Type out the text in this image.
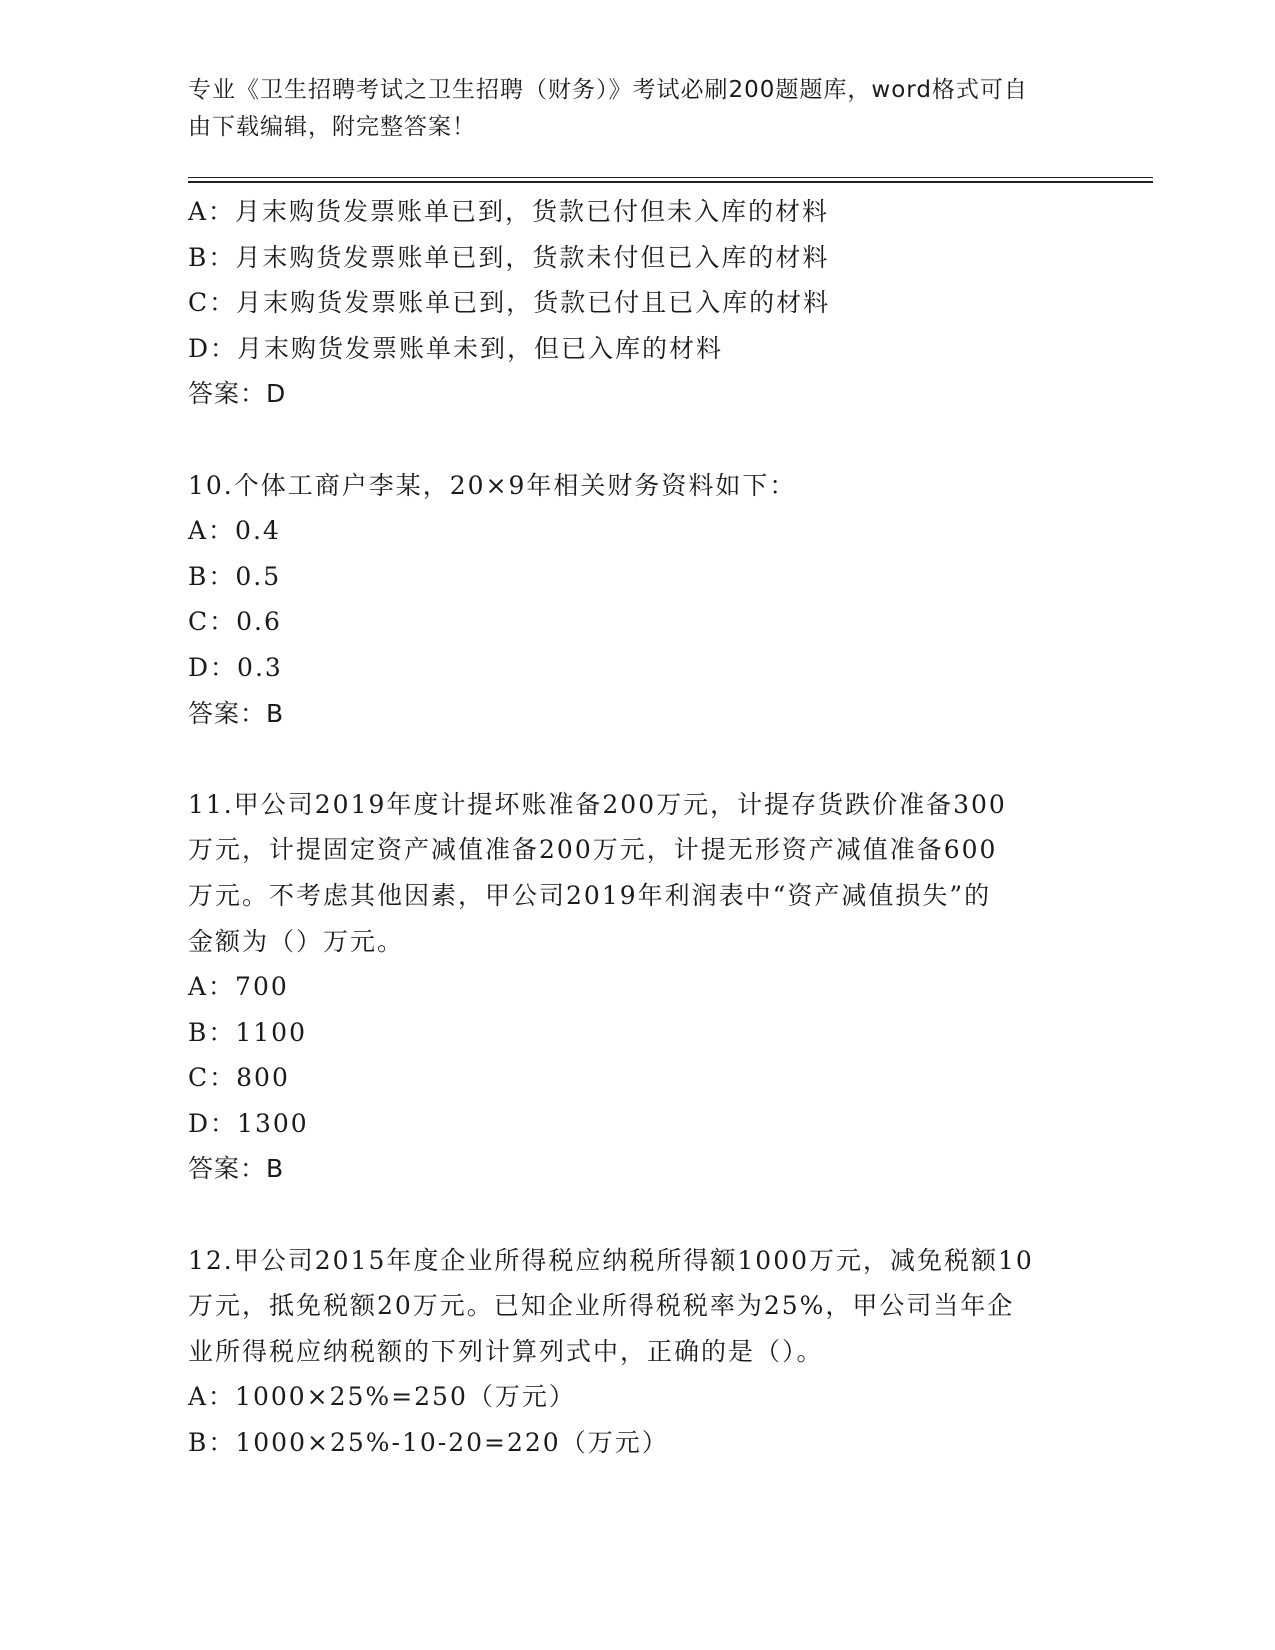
专业《卫生招聘考试之卫生招聘（财务）》考试必刷200题题库，word格式可自
由下载编辑，附完整答案！
A：月末购货发票账单已到，货款已付但未入库的材料
B：月末购货发票账单已到，货款未付但已入库的材料
C：月末购货发票账单已到，货款已付且已入库的材料
D：月末购货发票账单未到，但已入库的材料
答案：D
10.个体工商户李某，20×9年相关财务资料如下：
A：0.4
B：0.5
C：0.6
D：0.3
答案：B
11.甲公司2019年度计提坏账准备200万元，计提存货跌价准备300
万元，计提固定资产减值准备200万元，计提无形资产减值准备600
万元。不考虑其他因素，甲公司2019年利润表中“资产减值损失”的
金额为（）万元。
A：700
B：1100
C：800
D：1300
答案：B
12.甲公司2015年度企业所得税应纳税所得额1000万元，减免税额10
万元，抵免税额20万元。已知企业所得税税率为25%，甲公司当年企
业所得税应纳税额的下列计算列式中，正确的是（）。
A：1000×25%=250（万元）
B：1000×25%-10-20=220（万元）
